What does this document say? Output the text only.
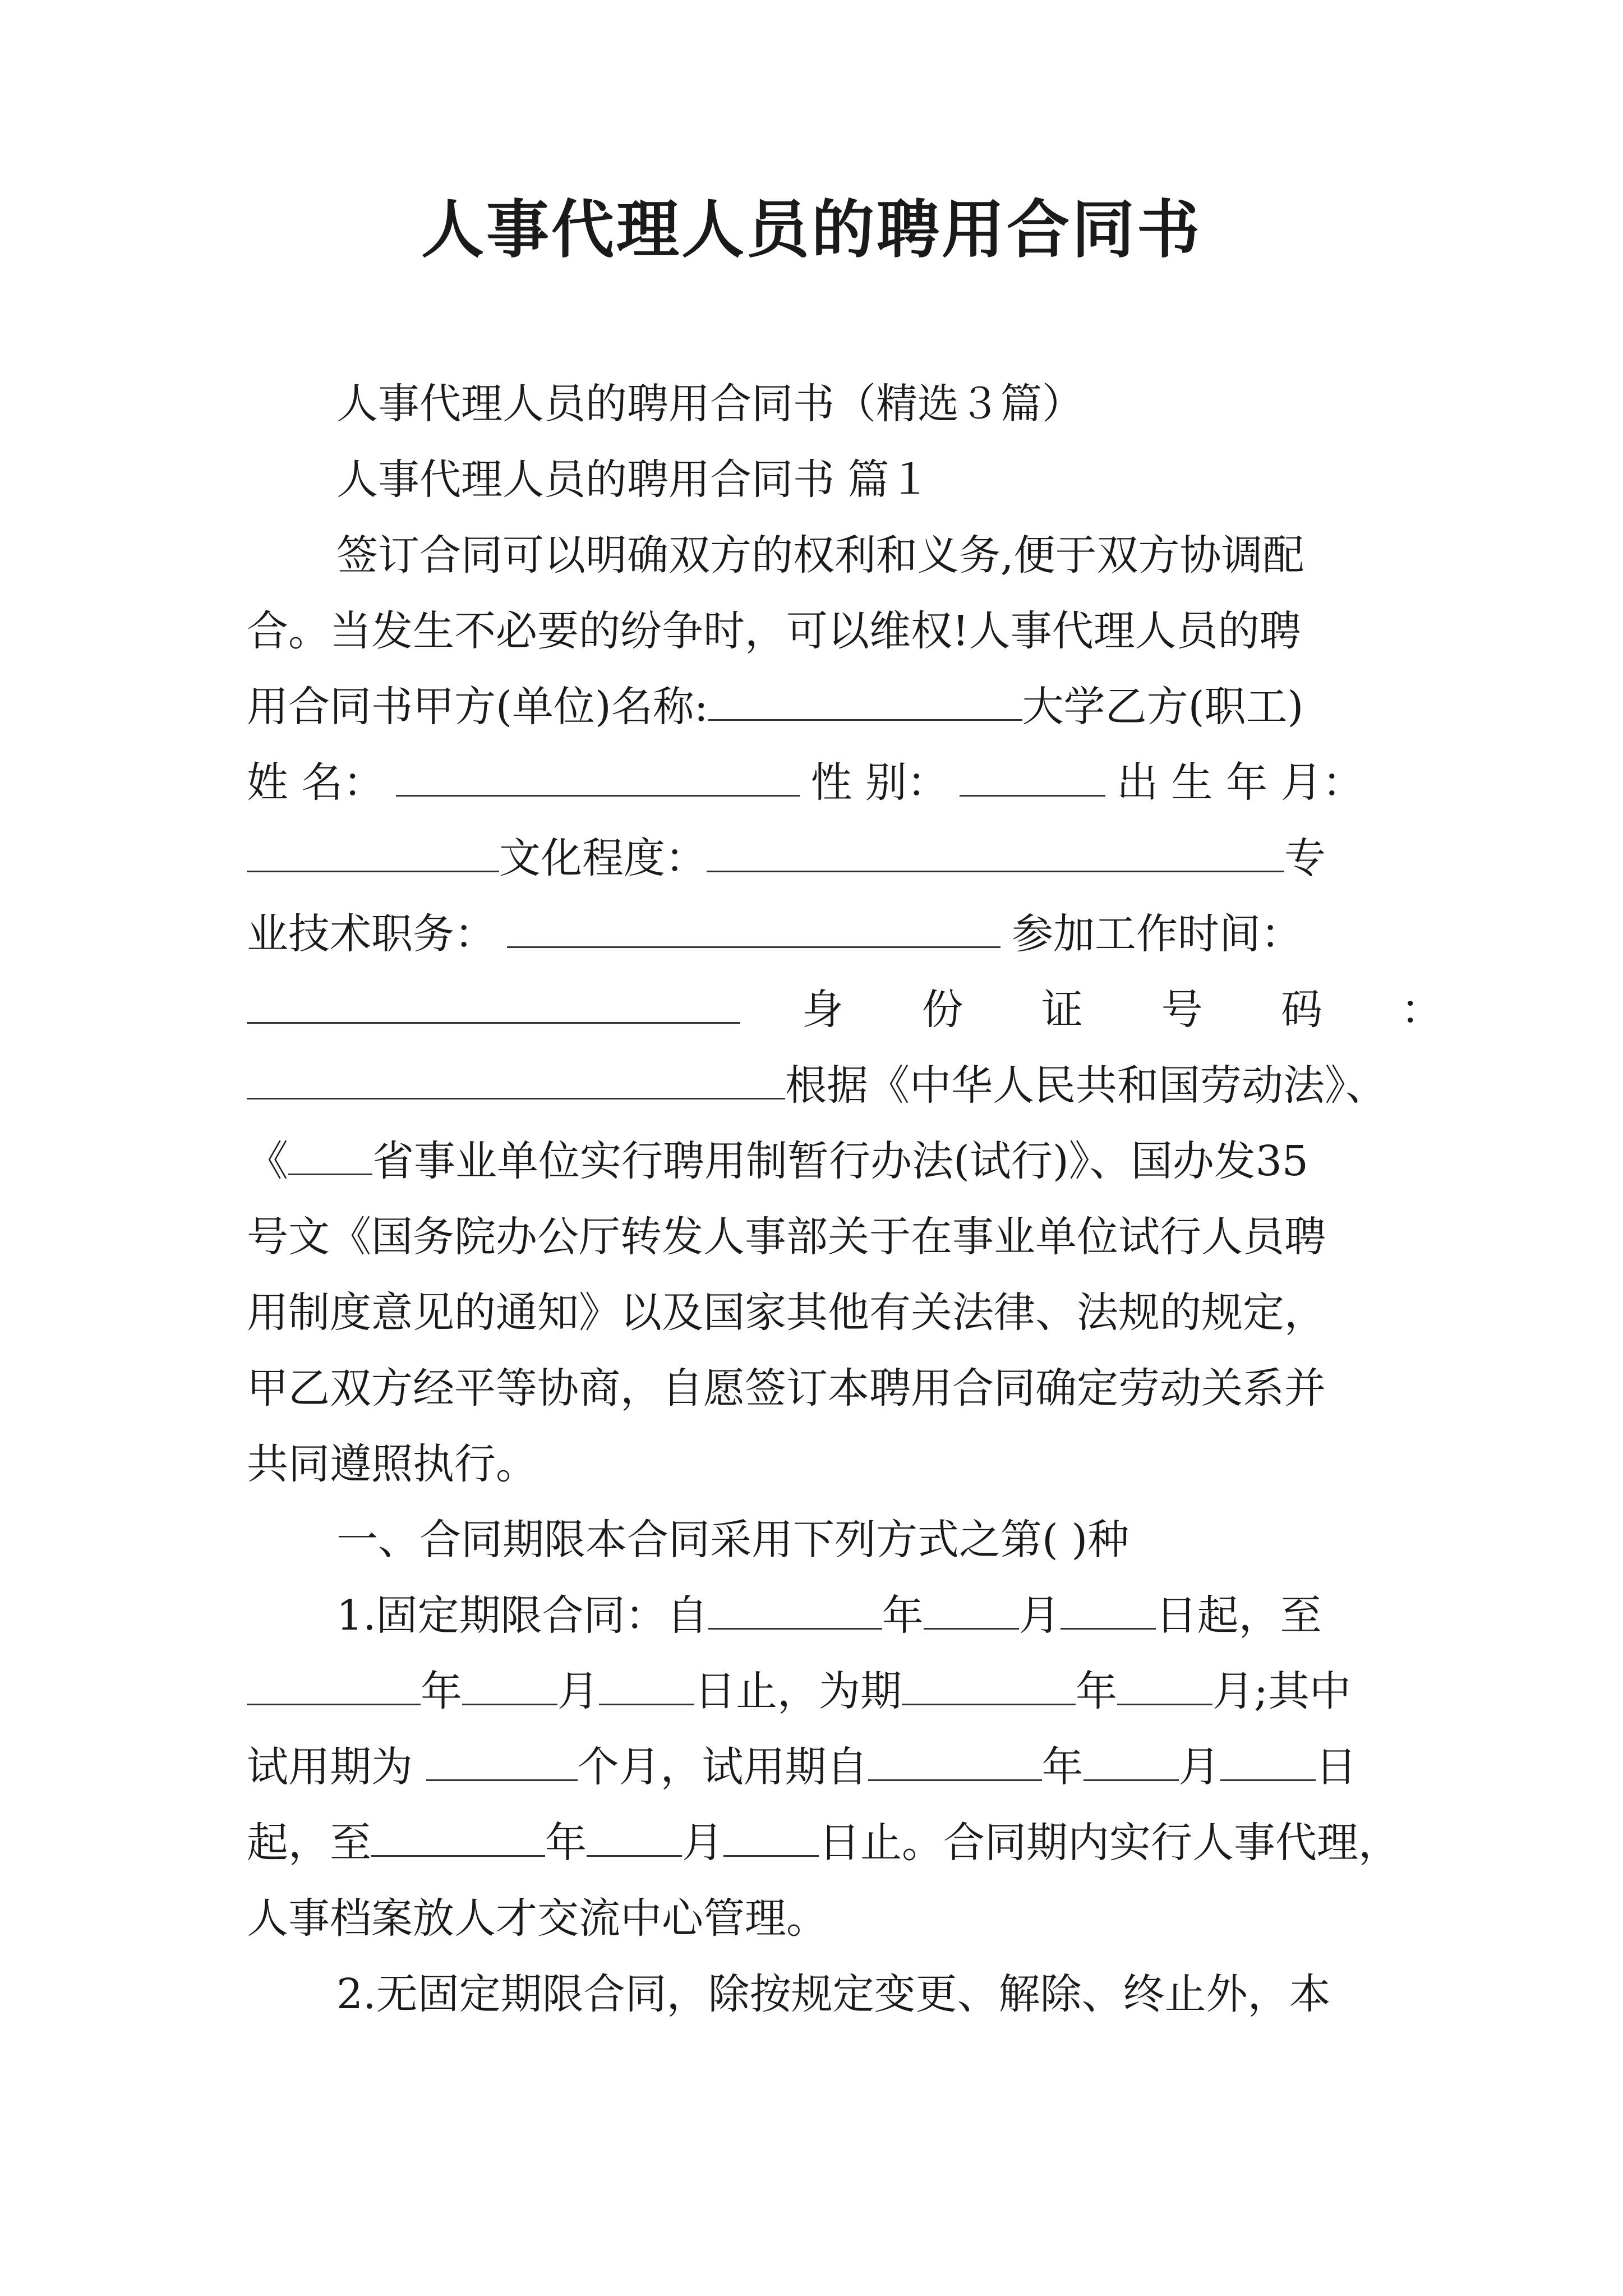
人事代理人员的聘用合同书
人事代理人员的聘用合同书（精选３篇）
人事代理人员的聘用合同书 篇１
签订合同可以明确双方的权利和义务,便于双方协调配
合。当发生不必要的纷争时，可以维权!人事代理人员的聘
用合同书甲方(单位)名称:	大学乙方(职工)
姓 名：	性 别：	出 生 年 月：
文化程度：	专
业技术职务：	参加工作时间：
身 份 证 号 码 ：
根据《中华人民共和国劳动法》、
《 省事业单位实行聘用制暂行办法(试行)》、国办发35
号文《国务院办公厅转发人事部关于在事业单位试行人员聘
用制度意见的通知》以及国家其他有关法律、法规的规定，
甲乙双方经平等协商，自愿签订本聘用合同确定劳动关系并
共同遵照执行。
一、合同期限本合同采用下列方式之第( )种
1.固定期限合同：自	年 月 日起，至
年 月 日止，为期	年 月;其中
试用期为	个月，试用期自	年 月 日
起，至	年 月 日止。合同期内实行人事代理，
人事档案放人才交流中心管理。
2.无固定期限合同，除按规定变更、解除、终止外，本
